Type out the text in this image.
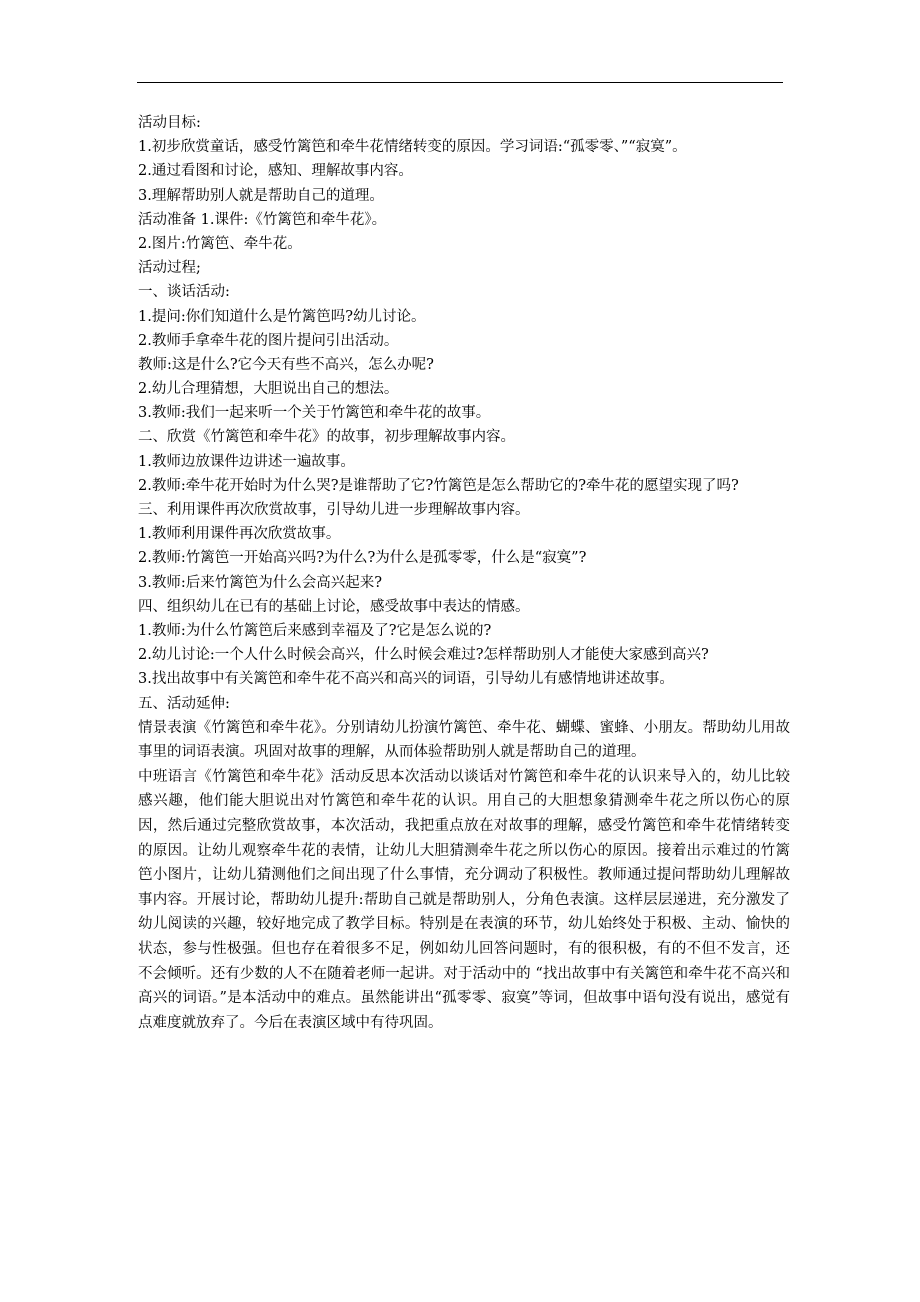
活动目标:
1.初步欣赏童话，感受竹篱笆和牵牛花情绪转变的原因。学习词语:“孤零零、”“寂寞”。
2.通过看图和讨论，感知、理解故事内容。
3.理解帮助别人就是帮助自己的道理。
活动准备 1.课件:《竹篱笆和牵牛花》。
2.图片:竹篱笆、牵牛花。
活动过程;
一、谈话活动:
1.提问:你们知道什么是竹篱笆吗?幼儿讨论。
2.教师手拿牵牛花的图片提问引出活动。
教师:这是什么?它今天有些不高兴，怎么办呢?
2.幼儿合理猜想，大胆说出自己的想法。
3.教师:我们一起来听一个关于竹篱笆和牵牛花的故事。
二、欣赏《竹篱笆和牵牛花》的故事，初步理解故事内容。
1.教师边放课件边讲述一遍故事。
2.教师:牵牛花开始时为什么哭?是谁帮助了它?竹篱笆是怎么帮助它的?牵牛花的愿望实现了吗?
三、利用课件再次欣赏故事，引导幼儿进一步理解故事内容。
1.教师利用课件再次欣赏故事。
2.教师:竹篱笆一开始高兴吗?为什么?为什么是孤零零，什么是“寂寞”?
3.教师:后来竹篱笆为什么会高兴起来?
四、组织幼儿在已有的基础上讨论，感受故事中表达的情感。
1.教师:为什么竹篱笆后来感到幸福及了?它是怎么说的?
2.幼儿讨论:一个人什么时候会高兴，什么时候会难过?怎样帮助别人才能使大家感到高兴?
3.找出故事中有关篱笆和牵牛花不高兴和高兴的词语，引导幼儿有感情地讲述故事。
五、活动延伸:

情景表演《竹篱笆和牵牛花》。分别请幼儿扮演竹篱笆、牵牛花、蝴蝶、蜜蜂、小朋友。帮助幼儿用故事里的词语表演。巩固对故事的理解，从而体验帮助别人就是帮助自己的道理。

中班语言《竹篱笆和牵牛花》活动反思本次活动以谈话对竹篱笆和牵牛花的认识来导入的，幼儿比较感兴趣，他们能大胆说出对竹篱笆和牵牛花的认识。用自己的大胆想象猜测牵牛花之所以伤心的原因，然后通过完整欣赏故事，本次活动，我把重点放在对故事的理解，感受竹篱笆和牵牛花情绪转变的原因。让幼儿观察牵牛花的表情，让幼儿大胆猜测牵牛花之所以伤心的原因。接着出示难过的竹篱笆小图片，让幼儿猜测他们之间出现了什么事情，充分调动了积极性。教师通过提问帮助幼儿理解故事内容。开展讨论，帮助幼儿提升:帮助自己就是帮助别人，分角色表演。这样层层递进，充分激发了幼儿阅读的兴趣，较好地完成了教学目标。特别是在表演的环节，幼儿始终处于积极、主动、愉快的状态，参与性极强。但也存在着很多不足，例如幼儿回答问题时，有的很积极，有的不但不发言，还不会倾听。还有少数的人不在随着老师一起讲。对于活动中的 “找出故事中有关篱笆和牵牛花不高兴和高兴的词语。”是本活动中的难点。虽然能讲出“孤零零、寂寞”等词，但故事中语句没有说出，感觉有点难度就放弃了。今后在表演区域中有待巩固。
